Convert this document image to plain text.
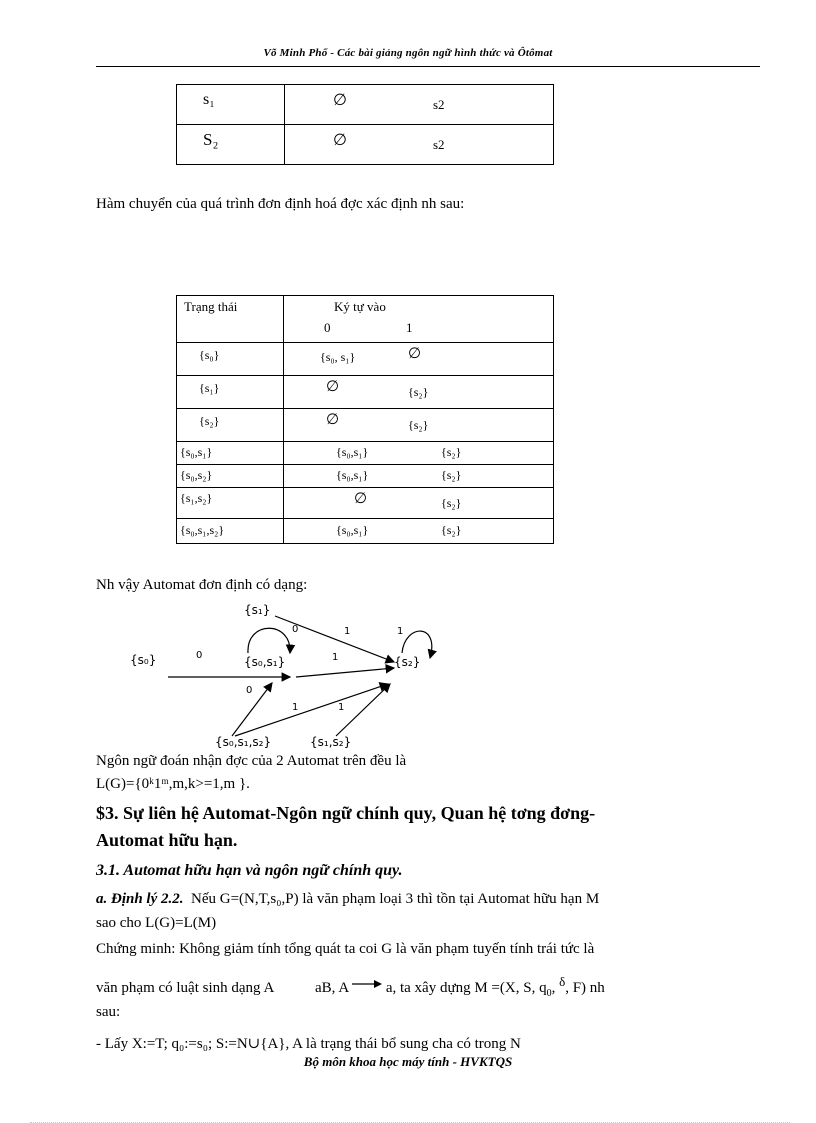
Võ Minh Phổ - Các bài giảng ngôn ngữ hình thức và Ôtômat
s₁	∅ s2

S₂	∅ s2
Hàm chuyển của quá trình đơn định hoá đợc xác định nh sau:
Trạng thái	Ký tự vào
0 1

{s₀}	{s₀, s₁} ∅

{s₁}	∅ {s₂}

{s₂}	∅ {s₂}

{s₀,s₁}	{s₀,s₁} {s₂}

{s₀,s₂}	{s₀,s₁} {s₂}

{s₁,s₂}	∅ {s₂}

{s₀,s₁,s₂}	{s₀,s₁} {s₂}
Nh vậy Automat đơn định có dạng:
{s₁}
{s₀}	{s₀,s₁}	{s₂}
{s₀,s₁,s₂}	{s₁,s₂}
0
0	1	1
1
0
1	1
Ngôn ngữ đoán nhận đợc của 2 Automat trên đều là
L(G)={0ᵏ1ᵐ,m,k>=1,m }.
$3. Sự liên hệ Automat-Ngôn ngữ chính quy, Quan hệ tơng đơng-
Automat hữu hạn.
3.1. Automat hữu hạn và ngôn ngữ chính quy.
a. Định lý 2.2. Nếu G=(N,T,s₀,P) là văn phạm loại 3 thì tồn tại Automat hữu hạn M
sao cho L(G)=L(M)
Chứng minh: Không giảm tính tổng quát ta coi G là văn phạm tuyến tính trái tức là
văn phạm có luật sinh dạng A	aB, A	a, ta xây dựng M =(X, S, $q_0$, $^\delta$, F) nh
sau:
- Lấy X:=T; q₀:=s₀; S:=N∪{A}, A là trạng thái bổ sung cha có trong N
Bộ môn khoa học máy tính - HVKTQS
